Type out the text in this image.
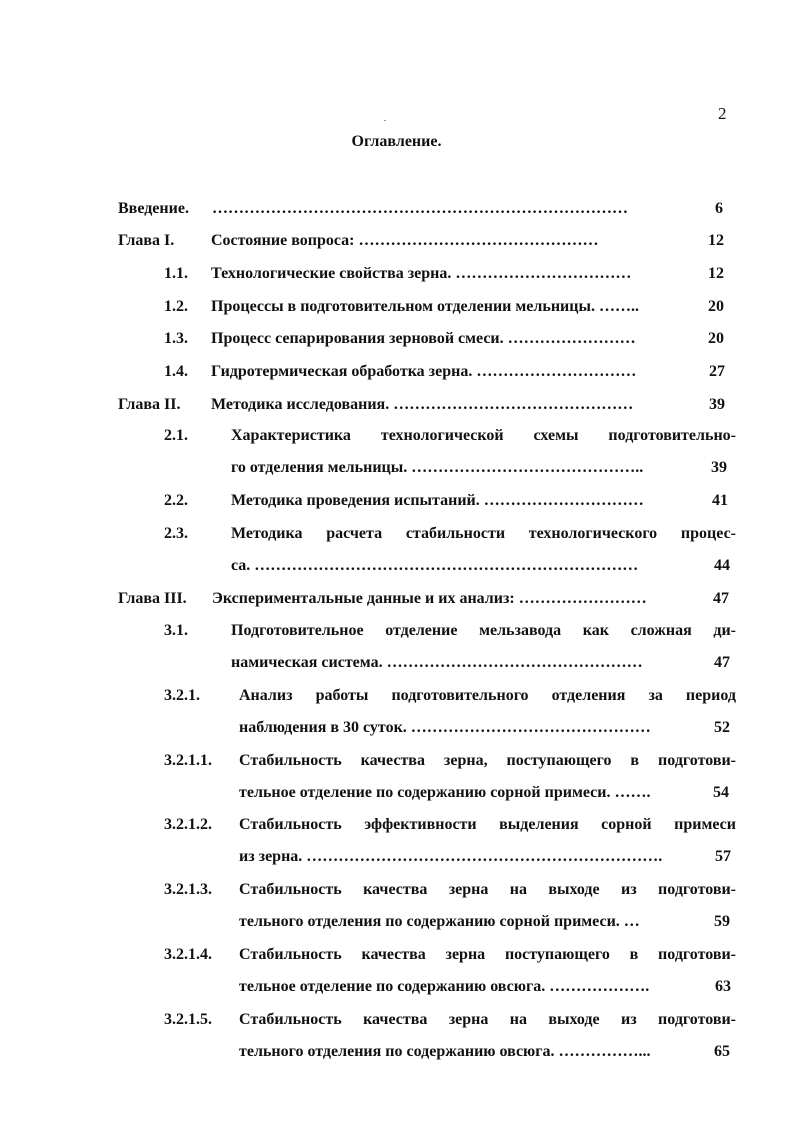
2
Оглавление.
Введение. ……………………………………………………………………	6
Глава I. Состояние вопроса: ………………………………………	12
1.1. Технологические свойства зерна. ……………………………	12
1.2. Процессы в подготовительном отделении мельницы. ……..	20
1.3. Процесс сепарирования зерновой смеси. ……………………	20
1.4. Гидротермическая обработка зерна. …………………………	27
Глава II. Методика исследования. ………………………………………	39
2.1.	Характеристика технологической схемы подготовительно-
го отделения мельницы. ……………………………………..	39
2.2.	Методика проведения испытаний. …………………………	41
2.3.	Методика расчета стабильности технологического процес-
са. ………………………………………………………………	44
Глава III. Экспериментальные данные и их анализ: ……………………	47
3.1.	Подготовительное отделение мельзавода как сложная ди-
намическая система. …………………………………………	47
3.2.1. Анализ работы подготовительного отделения за период
наблюдения в 30 суток. ………………………………………	52
3.2.1.1. Стабильность качества зерна, поступающего в подготови-
тельное отделение по содержанию сорной примеси. …….	54
3.2.1.2. Стабильность эффективности выделения сорной примеси
из зерна. ………………………………………………………….	57
3.2.1.3. Стабильность качества зерна на выходе из подготови-
тельного отделения по содержанию сорной примеси. …	59
3.2.1.4. Стабильность качества зерна поступающего в подготови-
тельное отделение по содержанию овсюга. ……………….	63
3.2.1.5. Стабильность качества зерна на выходе из подготови-
тельного отделения по содержанию овсюга. ……………...	65
